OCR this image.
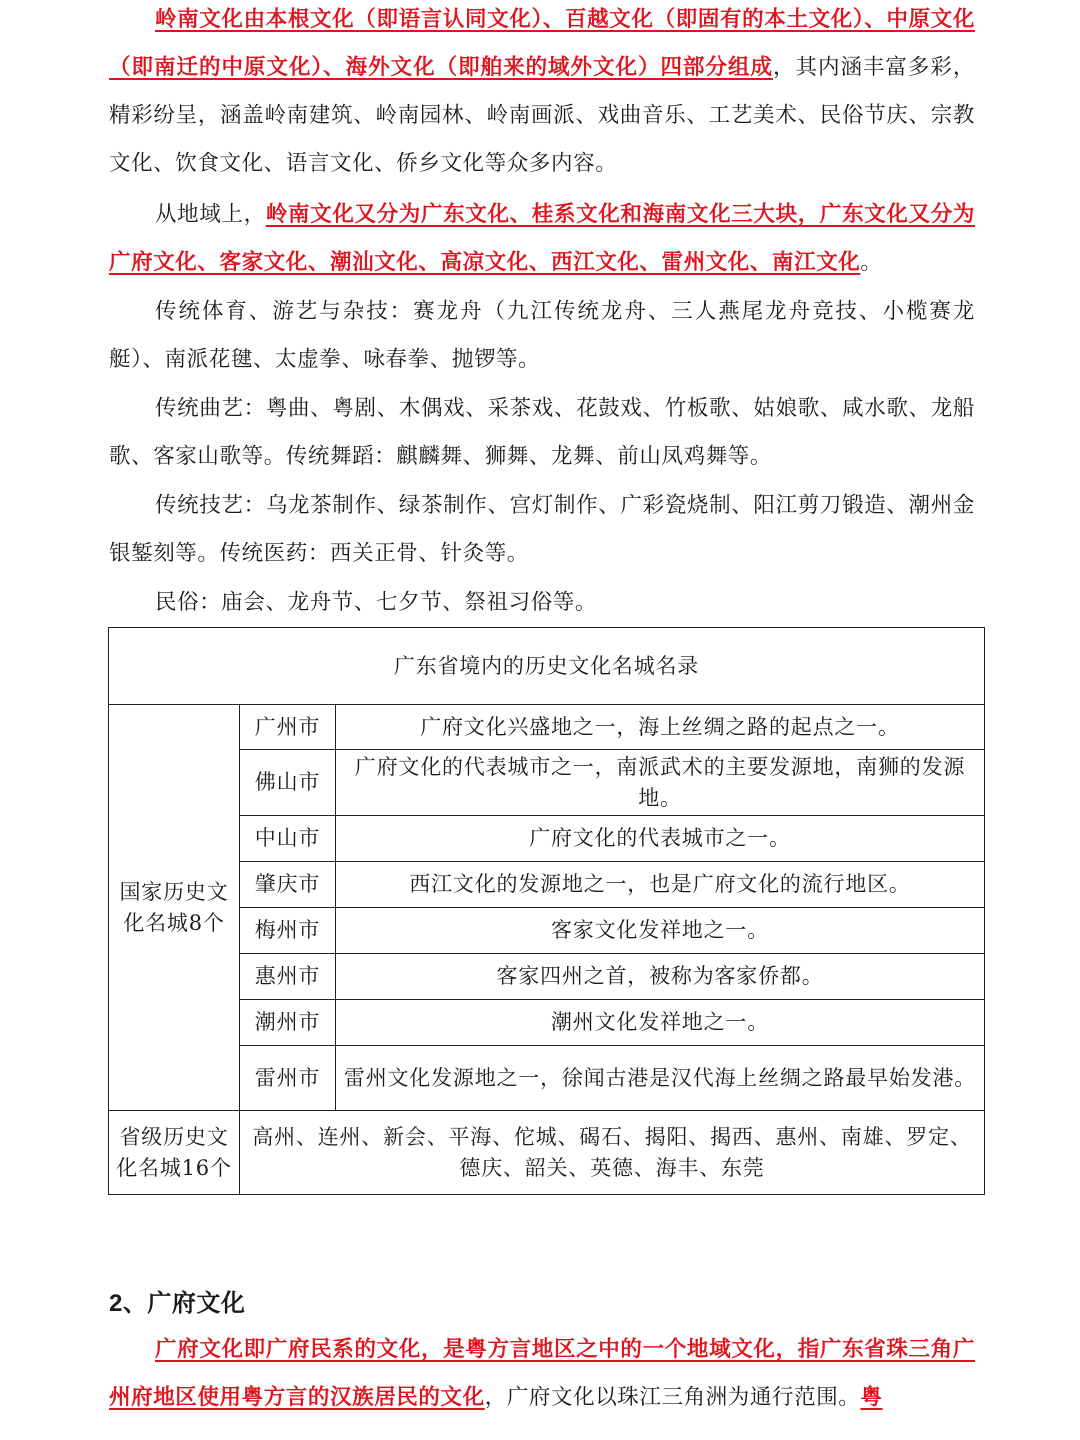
岭南文化由本根文化（即语言认同文化）、百越文化（即固有的本土文化）、中原文化（即南迁的中原文化）、海外文化（即舶来的域外文化）四部分组成，其内涵丰富多彩，精彩纷呈，涵盖岭南建筑、岭南园林、岭南画派、戏曲音乐、工艺美术、民俗节庆、宗教文化、饮食文化、语言文化、侨乡文化等众多内容。

从地域上，岭南文化又分为广东文化、桂系文化和海南文化三大块，广东文化又分为广府文化、客家文化、潮汕文化、高凉文化、西江文化、雷州文化、南江文化。

传统体育、游艺与杂技：赛龙舟（九江传统龙舟、三人燕尾龙舟竞技、小榄赛龙艇）、南派花毽、太虚拳、咏春拳、抛锣等。

传统曲艺：粤曲、粤剧、木偶戏、采茶戏、花鼓戏、竹板歌、姑娘歌、咸水歌、龙船歌、客家山歌等。传统舞蹈：麒麟舞、狮舞、龙舞、前山凤鸡舞等。

传统技艺：乌龙茶制作、绿茶制作、宫灯制作、广彩瓷烧制、阳江剪刀锻造、潮州金银錾刻等。传统医药：西关正骨、针灸等。

民俗：庙会、龙舟节、七夕节、祭祖习俗等。

广东省境内的历史文化名城名录		
国家历史文化名城8个	广州市	广府文化兴盛地之一，海上丝绸之路的起点之一。
	佛山市	广府文化的代表城市之一，南派武术的主要发源地，南狮的发源地。
	中山市	广府文化的代表城市之一。
	肇庆市	西江文化的发源地之一，也是广府文化的流行地区。
	梅州市	客家文化发祥地之一。
	惠州市	客家四州之首，被称为客家侨都。
	潮州市	潮州文化发祥地之一。
	雷州市	雷州文化发源地之一，徐闻古港是汉代海上丝绸之路最早始发港。
省级历史文化名城16个	高州、连州、新会、平海、佗城、碣石、揭阳、揭西、惠州、南雄、罗定、德庆、韶关、英德、海丰、东莞	
2、广府文化

广府文化即广府民系的文化，是粤方言地区之中的一个地域文化，指广东省珠三角广州府地区使用粤方言的汉族居民的文化，广府文化以珠江三角洲为通行范围。粤
